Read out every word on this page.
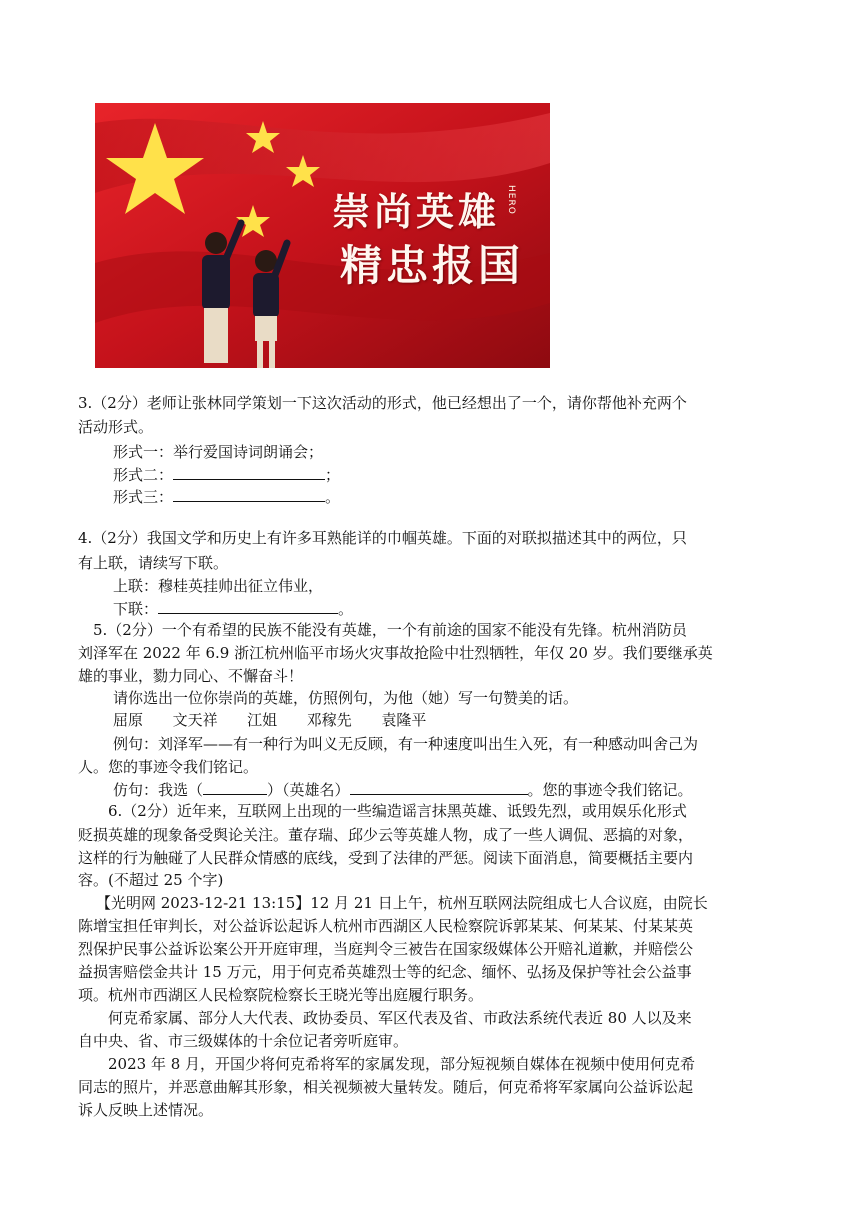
崇尚英雄 HERO
精忠报国
3.（2分）老师让张林同学策划一下这次活动的形式，他已经想出了一个，请你帮他补充两个
活动形式。
形式一：举行爱国诗词朗诵会；
形式二：	；
形式三：	。
4.（2分）我国文学和历史上有许多耳熟能详的巾帼英雄。下面的对联拟描述其中的两位，只
有上联，请续写下联。
上联：穆桂英挂帅出征立伟业，
下联：	。
5.（2分）一个有希望的民族不能没有英雄，一个有前途的国家不能没有先锋。杭州消防员
刘泽军在 2022 年 6.9 浙江杭州临平市场火灾事故抢险中壮烈牺牲，年仅 20 岁。我们要继承英
雄的事业，勠力同心、不懈奋斗！
请你选出一位你崇尚的英雄，仿照例句，为他（她）写一句赞美的话。
屈原 文天祥 江姐 邓稼先 袁隆平
例句：刘泽军——有一种行为叫义无反顾，有一种速度叫出生入死，有一种感动叫舍己为
人。您的事迹令我们铭记。
仿句：我选（	）（英雄名）	。您的事迹令我们铭记。
6.（2分）近年来，互联网上出现的一些编造谣言抹黑英雄、诋毁先烈，或用娱乐化形式
贬损英雄的现象备受舆论关注。董存瑞、邱少云等英雄人物，成了一些人调侃、恶搞的对象，
这样的行为触碰了人民群众情感的底线，受到了法律的严惩。阅读下面消息，简要概括主要内
容。(不超过 25 个字)
【光明网 2023-12-21 13:15】12 月 21 日上午，杭州互联网法院组成七人合议庭，由院长
陈增宝担任审判长，对公益诉讼起诉人杭州市西湖区人民检察院诉郭某某、何某某、付某某英
烈保护民事公益诉讼案公开开庭审理，当庭判令三被告在国家级媒体公开赔礼道歉，并赔偿公
益损害赔偿金共计 15 万元，用于何克希英雄烈士等的纪念、缅怀、弘扬及保护等社会公益事
项。杭州市西湖区人民检察院检察长王晓光等出庭履行职务。
何克希家属、部分人大代表、政协委员、军区代表及省、市政法系统代表近 80 人以及来
自中央、省、市三级媒体的十余位记者旁听庭审。
2023 年 8 月，开国少将何克希将军的家属发现，部分短视频自媒体在视频中使用何克希
同志的照片，并恶意曲解其形象，相关视频被大量转发。随后，何克希将军家属向公益诉讼起
诉人反映上述情况。
